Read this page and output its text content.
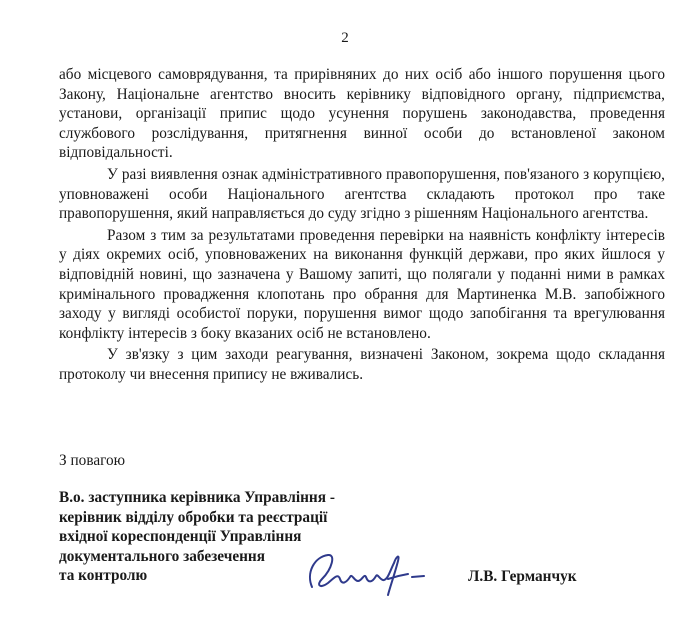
2

або місцевого самоврядування, та прирівняних до них осіб або іншого порушення цього Закону, Національне агентство вносить керівнику відповідного органу, підприємства, установи, організації припис щодо усунення порушень законодавства, проведення службового розслідування, притягнення винної особи до встановленої законом відповідальності.

У разі виявлення ознак адміністративного правопорушення, пов'язаного з корупцією, уповноважені особи Національного агентства складають протокол про таке правопорушення, який направляється до суду згідно з рішенням Національного агентства.

Разом з тим за результатами проведення перевірки на наявність конфлікту інтересів у діях окремих осіб, уповноважених на виконання функцій держави, про яких йшлося у відповідній новині, що зазначена у Вашому запиті, що полягали у поданні ними в рамках кримінального провадження клопотань про обрання для Мартиненка М.В. запобіжного заходу у вигляді особистої поруки, порушення вимог щодо запобігання та врегулювання конфлікту інтересів з боку вказаних осіб не встановлено.

У зв'язку з цим заходи реагування, визначені Законом, зокрема щодо складання протоколу чи внесення припису не вживались.

З повагою
В.о. заступника керівника Управління -
керівник відділу обробки та реєстрації
вхідної кореспонденції Управління
документального забезечення
та контролю	Л.В. Германчук
